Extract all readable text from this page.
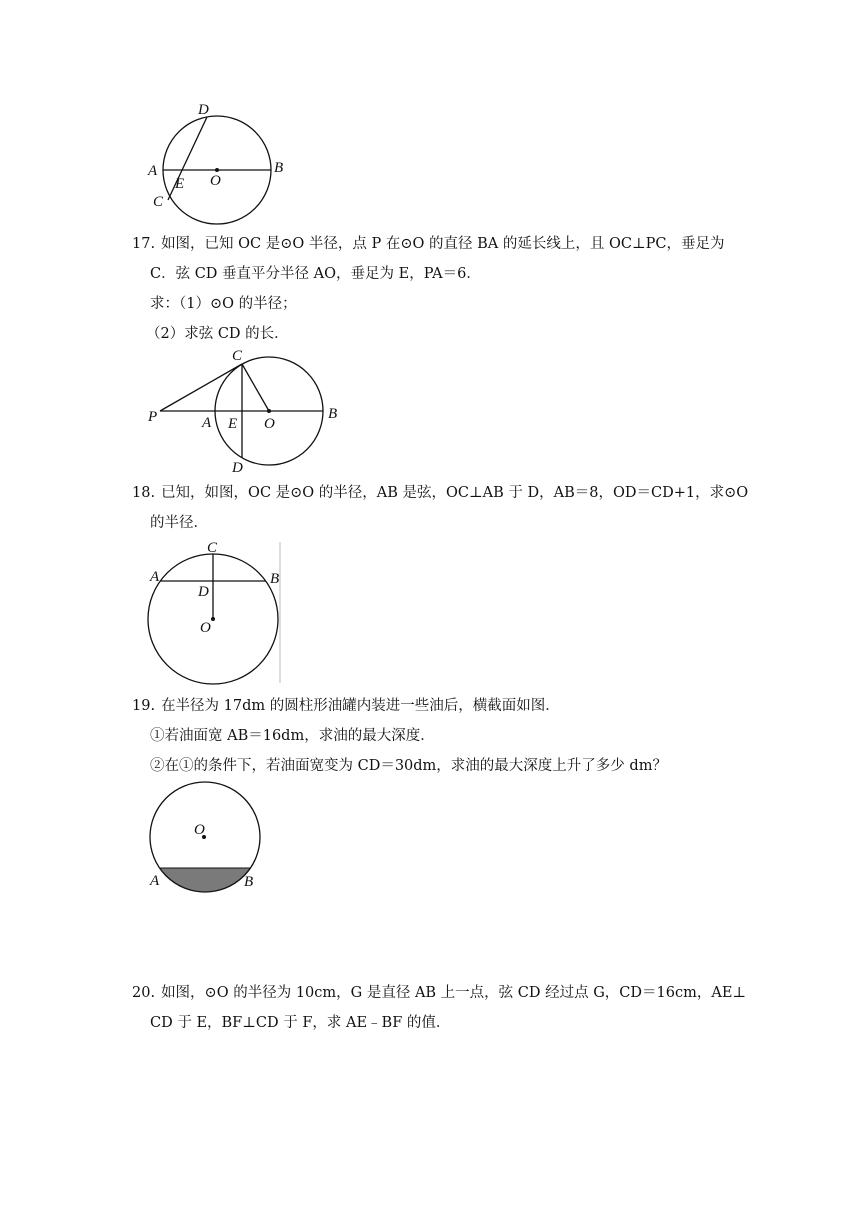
D
A
E O
B
C
17. 如图，已知 OC 是⊙O 半径，点 P 在⊙O 的直径 BA 的延长线上，且 OC⊥PC，垂足为
C．弦 CD 垂直平分半径 AO，垂足为 E，PA＝6．
求：（1）⊙O 的半径；
（2）求弦 CD 的长．
C
P	A E O
B
D
18. 已知，如图，OC 是⊙O 的半径，AB 是弦，OC⊥AB 于 D，AB＝8，OD＝CD+1，求⊙O
的半径．
C
A	B
D
O
19. 在半径为 17dm 的圆柱形油罐内装进一些油后，横截面如图．
①若油面宽 AB＝16dm，求油的最大深度．
②在①的条件下，若油面宽变为 CD＝30dm，求油的最大深度上升了多少 dm？
O
A	B
20. 如图，⊙O 的半径为 10cm，G 是直径 AB 上一点，弦 CD 经过点 G，CD＝16cm，AE⊥
CD 于 E，BF⊥CD 于 F，求 AE﹣BF 的值．
